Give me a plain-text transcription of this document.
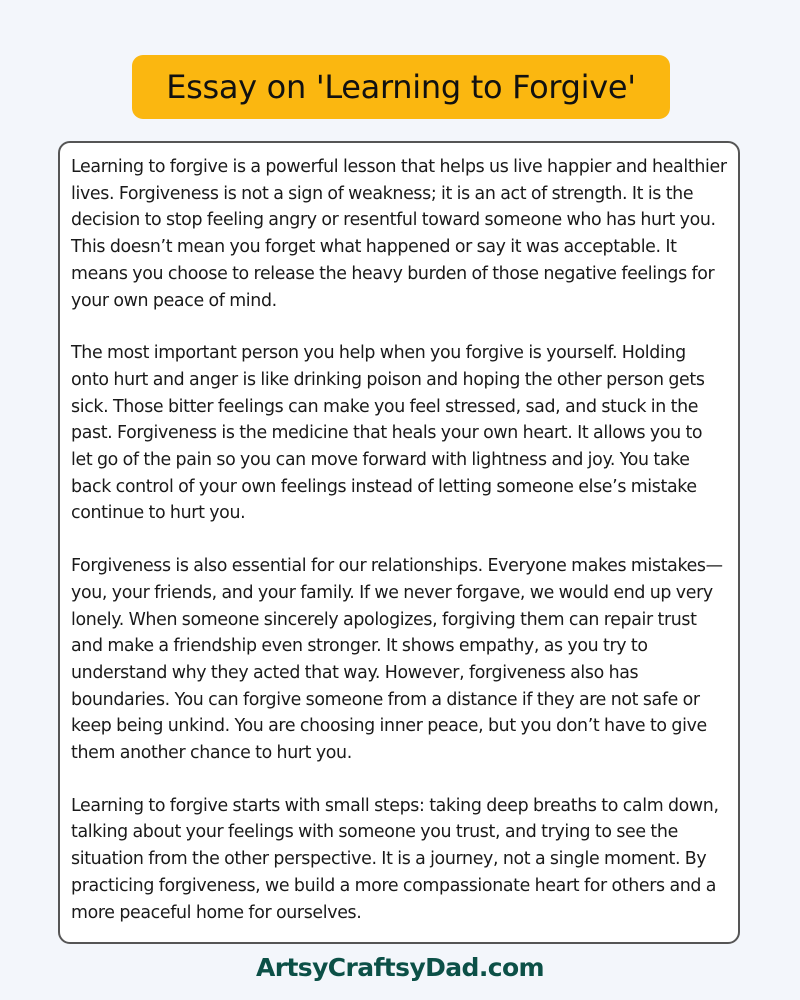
Essay on 'Learning to Forgive'

Learning to forgive is a powerful lesson that helps us live happier and healthier lives. Forgiveness is not a sign of weakness; it is an act of strength. It is the decision to stop feeling angry or resentful toward someone who has hurt you. This doesn’t mean you forget what happened or say it was acceptable. It means you choose to release the heavy burden of those negative feelings for your own peace of mind.

The most important person you help when you forgive is yourself. Holding onto hurt and anger is like drinking poison and hoping the other person gets sick. Those bitter feelings can make you feel stressed, sad, and stuck in the past. Forgiveness is the medicine that heals your own heart. It allows you to let go of the pain so you can move forward with lightness and joy. You take back control of your own feelings instead of letting someone else’s mistake continue to hurt you.

Forgiveness is also essential for our relationships. Everyone makes mistakes—you, your friends, and your family. If we never forgave, we would end up very lonely. When someone sincerely apologizes, forgiving them can repair trust and make a friendship even stronger. It shows empathy, as you try to understand why they acted that way. However, forgiveness also has boundaries. You can forgive someone from a distance if they are not safe or keep being unkind. You are choosing inner peace, but you don’t have to give them another chance to hurt you.

Learning to forgive starts with small steps: taking deep breaths to calm down, talking about your feelings with someone you trust, and trying to see the situation from the other perspective. It is a journey, not a single moment. By practicing forgiveness, we build a more compassionate heart for others and a more peaceful home for ourselves.

ArtsyCraftsyDad.com
